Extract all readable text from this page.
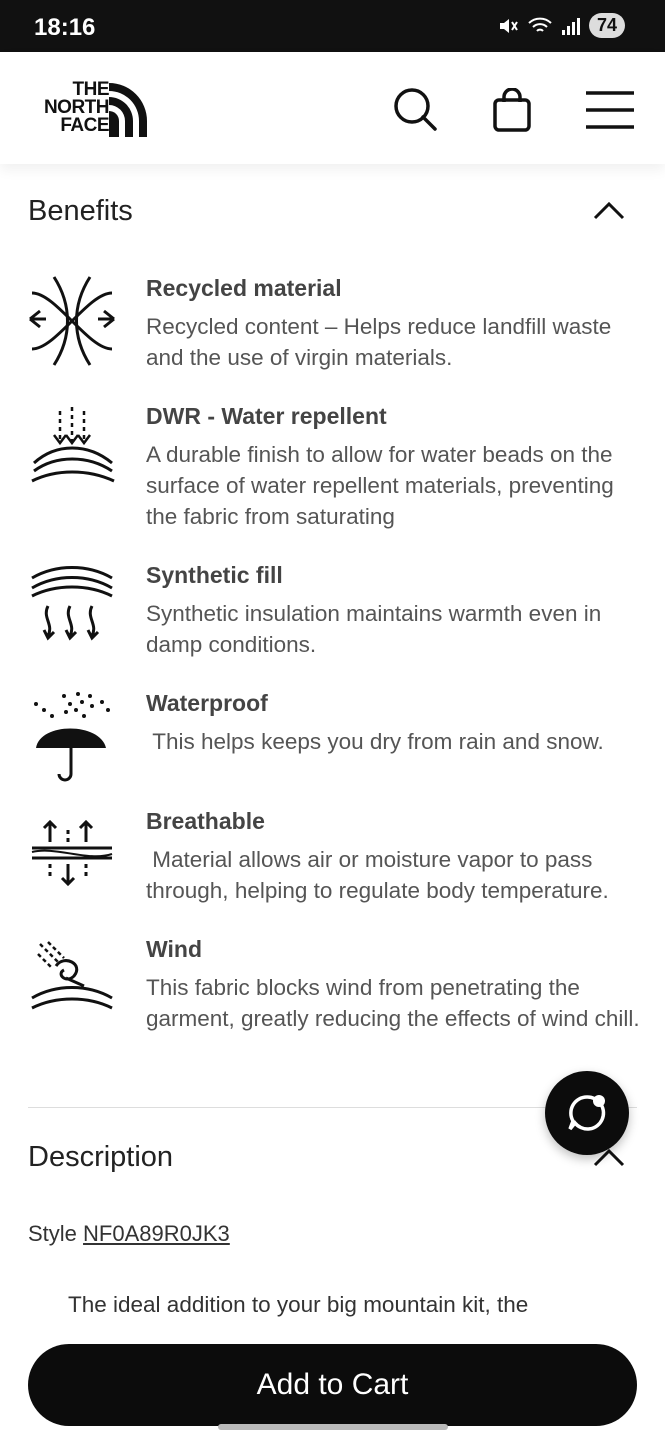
18:16	74
THE
NORTH
FACE
Benefits
Recycled material
Recycled content – Helps reduce landfill waste and the use of virgin materials.
DWR - Water repellent
A durable finish to allow for water beads on the surface of water repellent materials, preventing the fabric from saturating
Synthetic fill
Synthetic insulation maintains warmth even in damp conditions.
Waterproof
This helps keeps you dry from rain and snow.
Breathable
Material allows air or moisture vapor to pass through, helping to regulate body temperature.
Wind
This fabric blocks wind from penetrating the garment, greatly reducing the effects of wind chill.
Description
Style NF0A89R0JK3
The ideal addition to your big mountain kit, the
Add to Cart
